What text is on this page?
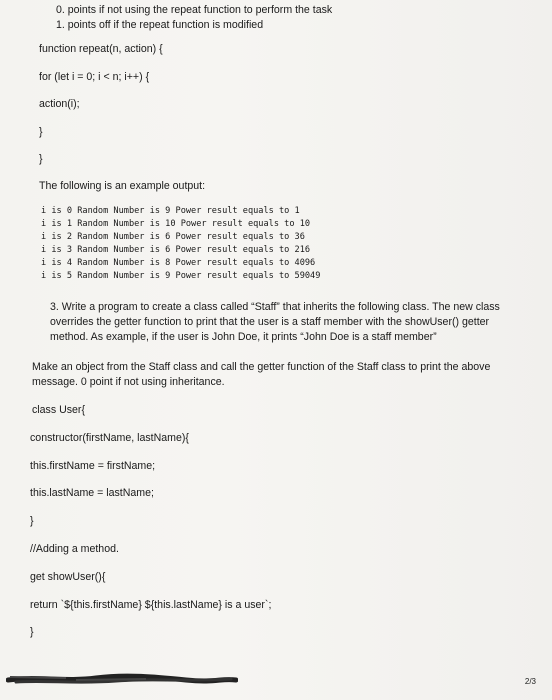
0. points if not using the repeat function to perform the task
1. points off if the repeat function is modified
function repeat(n, action) {
for (let i = 0; i < n; i++) {
action(i);
}
}
The following is an example output:
i is 0 Random Number is 9 Power result equals to 1
i is 1 Random Number is 10 Power result equals to 10
i is 2 Random Number is 6 Power result equals to 36
i is 3 Random Number is 6 Power result equals to 216
i is 4 Random Number is 8 Power result equals to 4096
i is 5 Random Number is 9 Power result equals to 59049
3. Write a program to create a class called “Staff” that inherits the following class. The new class overrides the getter function to print that the user is a staff member with the showUser() getter method. As example, if the user is John Doe, it prints “John Doe is a staff member”
Make an object from the Staff class and call the getter function of the Staff class to print the above message. 0 point if not using inheritance.
class User{
constructor(firstName, lastName){
this.firstName = firstName;
this.lastName = lastName;
}
//Adding a method.
get showUser(){
return `${this.firstName} ${this.lastName} is a user`;
}
2/3
